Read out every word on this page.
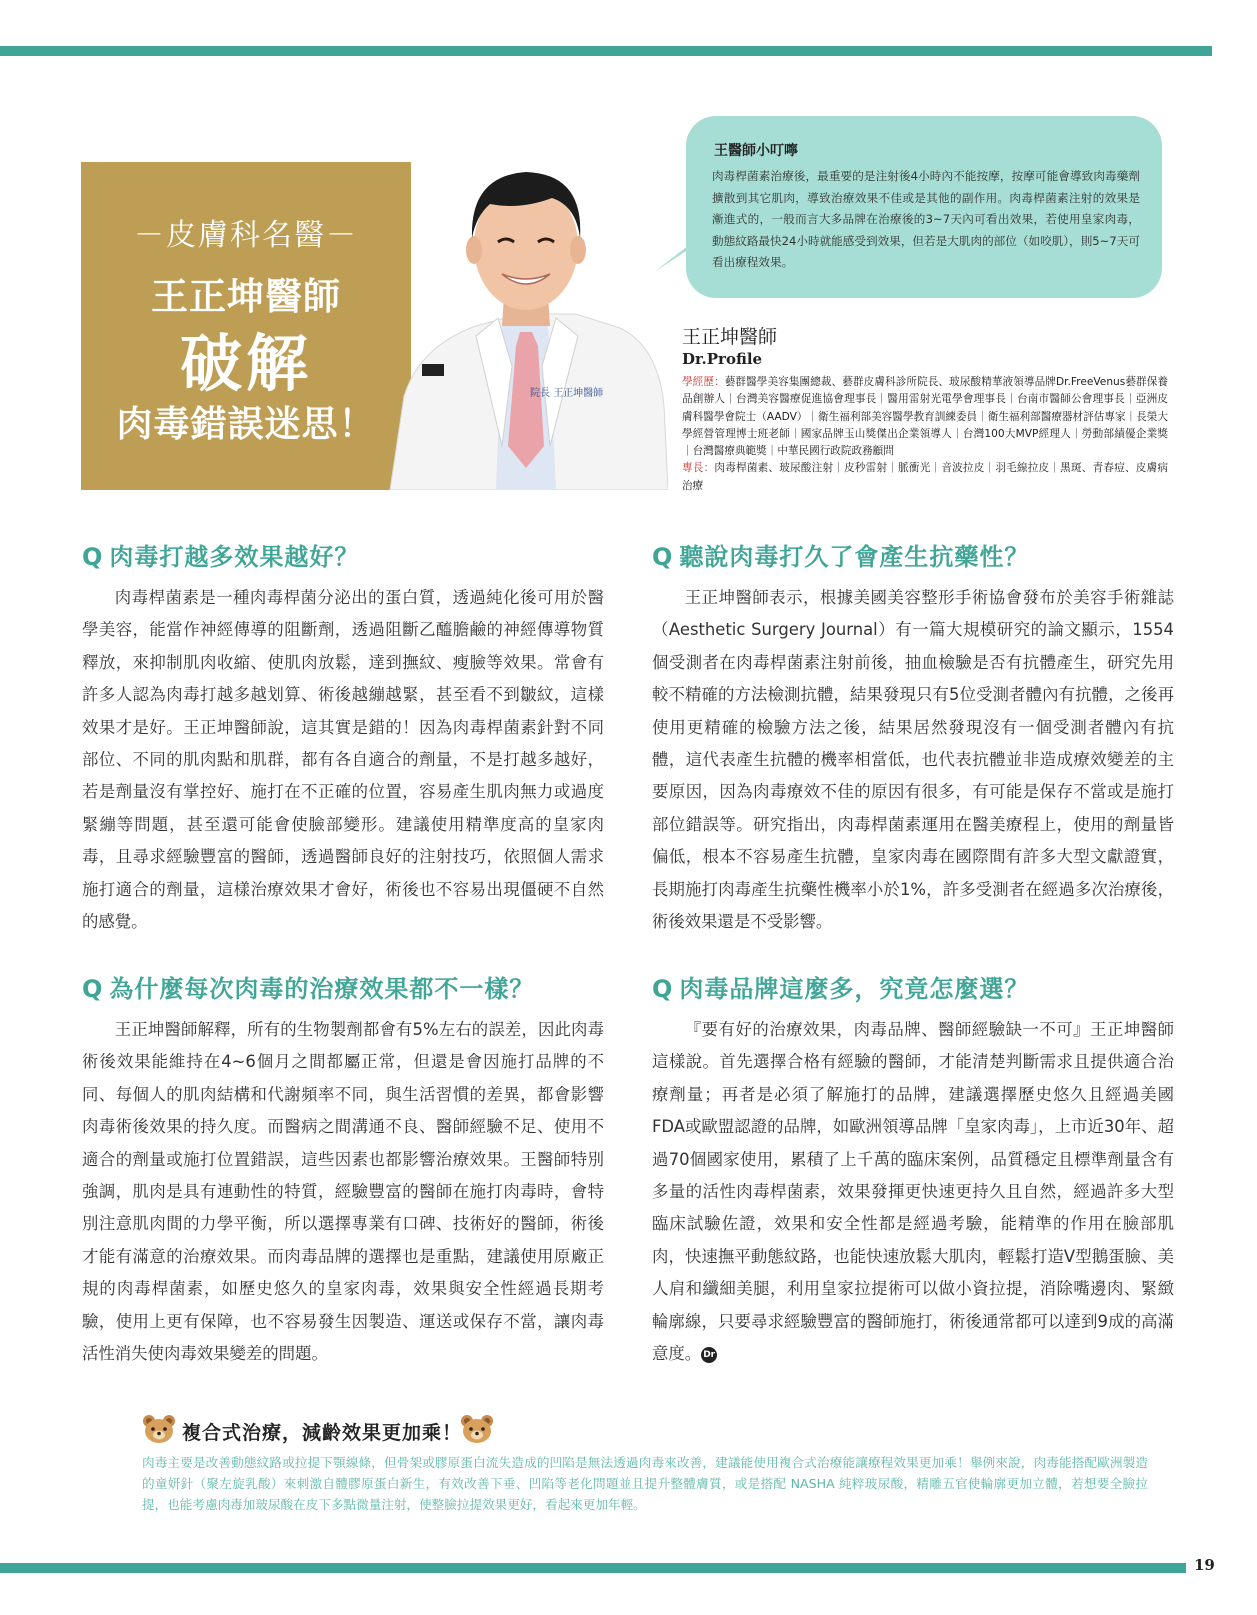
－皮膚科名醫－
王正坤醫師
破解
肉毒錯誤迷思！
院長 王正坤醫師
王醫師小叮嚀
肉毒桿菌素治療後，最重要的是注射後4小時內不能按摩，按摩可能會導致肉毒藥劑擴散到其它肌肉，導致治療效果不佳或是其他的副作用。肉毒桿菌素注射的效果是漸進式的，一般而言大多品牌在治療後的3~7天內可看出效果，若使用皇家肉毒，動態紋路最快24小時就能感受到效果，但若是大肌肉的部位（如咬肌），則5~7天可看出療程效果。
王正坤醫師
Dr.Profile
學經歷：藝群醫學美容集團總裁、藝群皮膚科診所院長、玻尿酸精華液領導品牌Dr.FreeVenus藝群保養品創辦人｜台灣美容醫療促進協會理事長｜醫用雷射光電學會理事長｜台南市醫師公會理事長｜亞洲皮膚科醫學會院士（AADV）｜衛生福利部美容醫學教育訓練委員｜衛生福利部醫療器材評估專家｜長榮大學經營管理博士班老師｜國家品牌玉山獎傑出企業領導人｜台灣100大MVP經理人｜勞動部績優企業獎｜台灣醫療典範獎｜中華民國行政院政務顧問
專長：肉毒桿菌素、玻尿酸注射｜皮秒雷射｜脈衝光｜音波拉皮｜羽毛線拉皮｜黑斑、青春痘、皮膚病治療
Q 肉毒打越多效果越好？

肉毒桿菌素是一種肉毒桿菌分泌出的蛋白質，透過純化後可用於醫學美容，能當作神經傳導的阻斷劑，透過阻斷乙醯膽鹼的神經傳導物質釋放，來抑制肌肉收縮、使肌肉放鬆，達到撫紋、瘦臉等效果。常會有許多人認為肉毒打越多越划算、術後越繃越緊，甚至看不到皺紋，這樣效果才是好。王正坤醫師說，這其實是錯的！因為肉毒桿菌素針對不同部位、不同的肌肉點和肌群，都有各自適合的劑量，不是打越多越好，若是劑量沒有掌控好、施打在不正確的位置，容易產生肌肉無力或過度緊繃等問題，甚至還可能會使臉部變形。建議使用精準度高的皇家肉毒，且尋求經驗豐富的醫師，透過醫師良好的注射技巧，依照個人需求施打適合的劑量，這樣治療效果才會好，術後也不容易出現僵硬不自然的感覺。

Q 聽說肉毒打久了會產生抗藥性？

王正坤醫師表示，根據美國美容整形手術協會發布於美容手術雜誌（Aesthetic Surgery Journal）有一篇大規模研究的論文顯示，1554個受測者在肉毒桿菌素注射前後，抽血檢驗是否有抗體產生，研究先用較不精確的方法檢測抗體，結果發現只有5位受測者體內有抗體，之後再使用更精確的檢驗方法之後，結果居然發現沒有一個受測者體內有抗體，這代表產生抗體的機率相當低，也代表抗體並非造成療效變差的主要原因，因為肉毒療效不佳的原因有很多，有可能是保存不當或是施打部位錯誤等。研究指出，肉毒桿菌素運用在醫美療程上，使用的劑量皆偏低，根本不容易產生抗體，皇家肉毒在國際間有許多大型文獻證實，長期施打肉毒產生抗藥性機率小於1%，許多受測者在經過多次治療後，術後效果還是不受影響。

Q 為什麼每次肉毒的治療效果都不一樣？

王正坤醫師解釋，所有的生物製劑都會有5%左右的誤差，因此肉毒術後效果能維持在4~6個月之間都屬正常，但還是會因施打品牌的不同、每個人的肌肉結構和代謝頻率不同，與生活習慣的差異，都會影響肉毒術後效果的持久度。而醫病之間溝通不良、醫師經驗不足、使用不適合的劑量或施打位置錯誤，這些因素也都影響治療效果。王醫師特別強調，肌肉是具有連動性的特質，經驗豐富的醫師在施打肉毒時，會特別注意肌肉間的力學平衡，所以選擇專業有口碑、技術好的醫師，術後才能有滿意的治療效果。而肉毒品牌的選擇也是重點，建議使用原廠正規的肉毒桿菌素，如歷史悠久的皇家肉毒，效果與安全性經過長期考驗，使用上更有保障，也不容易發生因製造、運送或保存不當，讓肉毒活性消失使肉毒效果變差的問題。

Q 肉毒品牌這麼多，究竟怎麼選？

『要有好的治療效果，肉毒品牌、醫師經驗缺一不可』王正坤醫師這樣說。首先選擇合格有經驗的醫師，才能清楚判斷需求且提供適合治療劑量；再者是必須了解施打的品牌，建議選擇歷史悠久且經過美國FDA或歐盟認證的品牌，如歐洲領導品牌「皇家肉毒」，上市近30年、超過70個國家使用，累積了上千萬的臨床案例，品質穩定且標準劑量含有多量的活性肉毒桿菌素，效果發揮更快速更持久且自然，經過許多大型臨床試驗佐證，效果和安全性都是經過考驗，能精準的作用在臉部肌肉，快速撫平動態紋路，也能快速放鬆大肌肉，輕鬆打造V型鵝蛋臉、美人肩和纖細美腿，利用皇家拉提術可以做小資拉提，消除嘴邊肉、緊緻輪廓線，只要尋求經驗豐富的醫師施打，術後通常都可以達到9成的高滿意度。 Dr

複合式治療，減齡效果更加乘！
肉毒主要是改善動態紋路或拉提下顎線條，但骨架或膠原蛋白流失造成的凹陷是無法透過肉毒來改善，建議能使用複合式治療能讓療程效果更加乘！舉例來說，肉毒能搭配歐洲製造的童妍針（聚左旋乳酸）來刺激自體膠原蛋白新生，有效改善下垂、凹陷等老化問題並且提升整體膚質，或是搭配 NASHA 純粹玻尿酸，精雕五官使輪廓更加立體，若想要全臉拉提，也能考慮肉毒加玻尿酸在皮下多點微量注射，使整臉拉提效果更好，看起來更加年輕。
19
